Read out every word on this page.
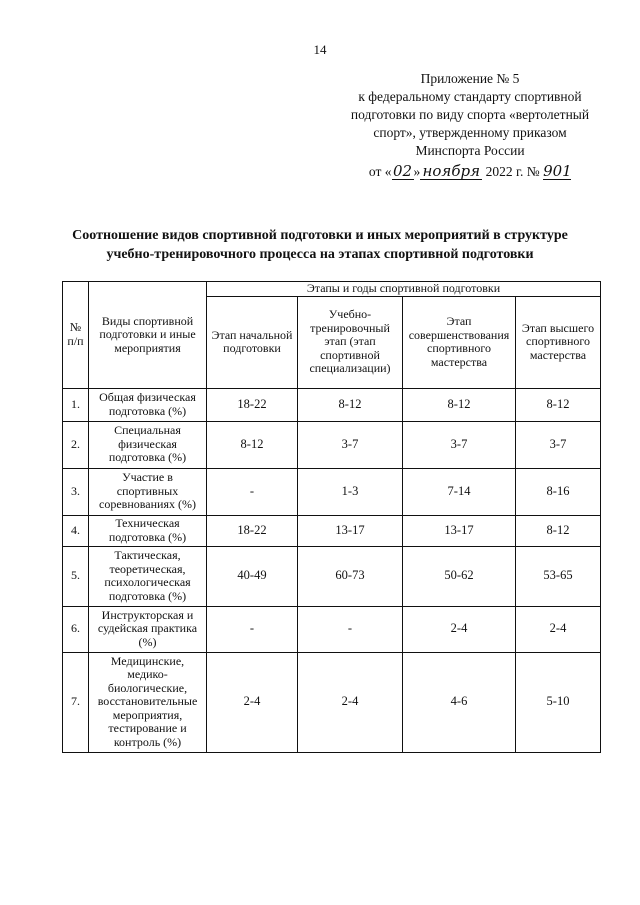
14
Приложение № 5
к федеральному стандарту спортивной
подготовки по виду спорта «вертолетный
спорт», утвержденному приказом
Минспорта России
от «02» ноября 2022 г. № 901
Соотношение видов спортивной подготовки и иных мероприятий в структуре
учебно-тренировочного процесса на этапах спортивной подготовки
№ п/п	Виды спортивной подготовки и иные мероприятия	Этапы и годы спортивной подготовки			
		Этап начальной подготовки	Учебно-тренировочный этап (этап спортивной специализации)	Этап совершенствования спортивного мастерства	Этап высшего спортивного мастерства
1.	Общая физическая подготовка (%)	18-22	8-12	8-12	8-12
2.	Специальная физическая подготовка (%)	8-12	3-7	3-7	3-7
3.	Участие в спортивных соревнованиях (%)	-	1-3	7-14	8-16
4.	Техническая подготовка (%)	18-22	13-17	13-17	8-12
5.	Тактическая, теоретическая, психологическая подготовка (%)	40-49	60-73	50-62	53-65
6.	Инструкторская и судейская практика (%)	-	-	2-4	2-4
7.	Медицинские, медико-биологические, восстановительные мероприятия, тестирование и контроль (%)	2-4	2-4	4-6	5-10
